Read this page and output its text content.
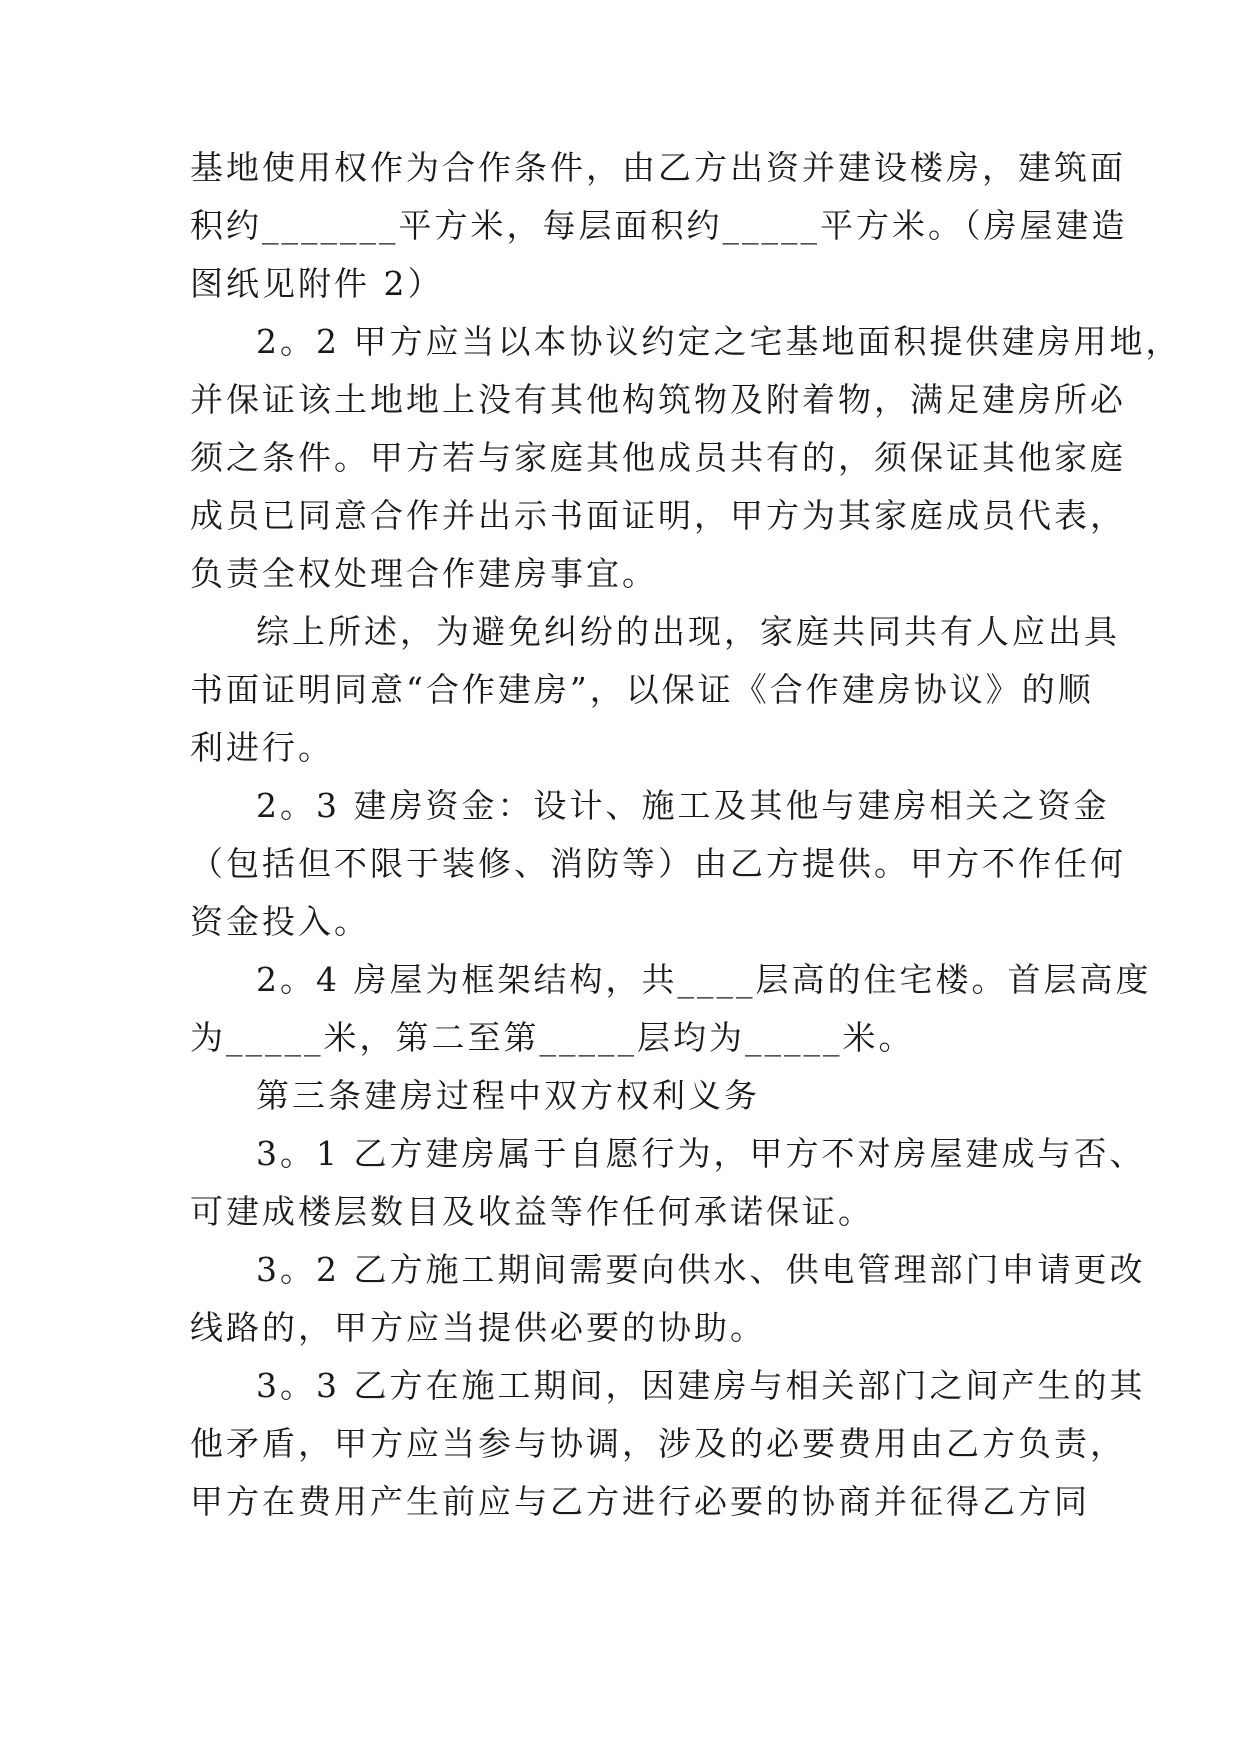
基地使用权作为合作条件，由乙方出资并建设楼房，建筑面
积约_______平方米，每层面积约_____平方米。（房屋建造
图纸见附件 2）
2。2 甲方应当以本协议约定之宅基地面积提供建房用地，
并保证该土地地上没有其他构筑物及附着物，满足建房所必
须之条件。甲方若与家庭其他成员共有的，须保证其他家庭
成员已同意合作并出示书面证明，甲方为其家庭成员代表，
负责全权处理合作建房事宜。
综上所述，为避免纠纷的出现，家庭共同共有人应出具
书面证明同意“合作建房”，以保证《合作建房协议》的顺
利进行。
2。3 建房资金：设计、施工及其他与建房相关之资金
（包括但不限于装修、消防等）由乙方提供。甲方不作任何
资金投入。
2。4 房屋为框架结构，共____层高的住宅楼。首层高度
为_____米，第二至第_____层均为_____米。
第三条建房过程中双方权利义务
3。1 乙方建房属于自愿行为，甲方不对房屋建成与否、
可建成楼层数目及收益等作任何承诺保证。
3。2 乙方施工期间需要向供水、供电管理部门申请更改
线路的，甲方应当提供必要的协助。
3。3 乙方在施工期间，因建房与相关部门之间产生的其
他矛盾，甲方应当参与协调，涉及的必要费用由乙方负责，
甲方在费用产生前应与乙方进行必要的协商并征得乙方同
